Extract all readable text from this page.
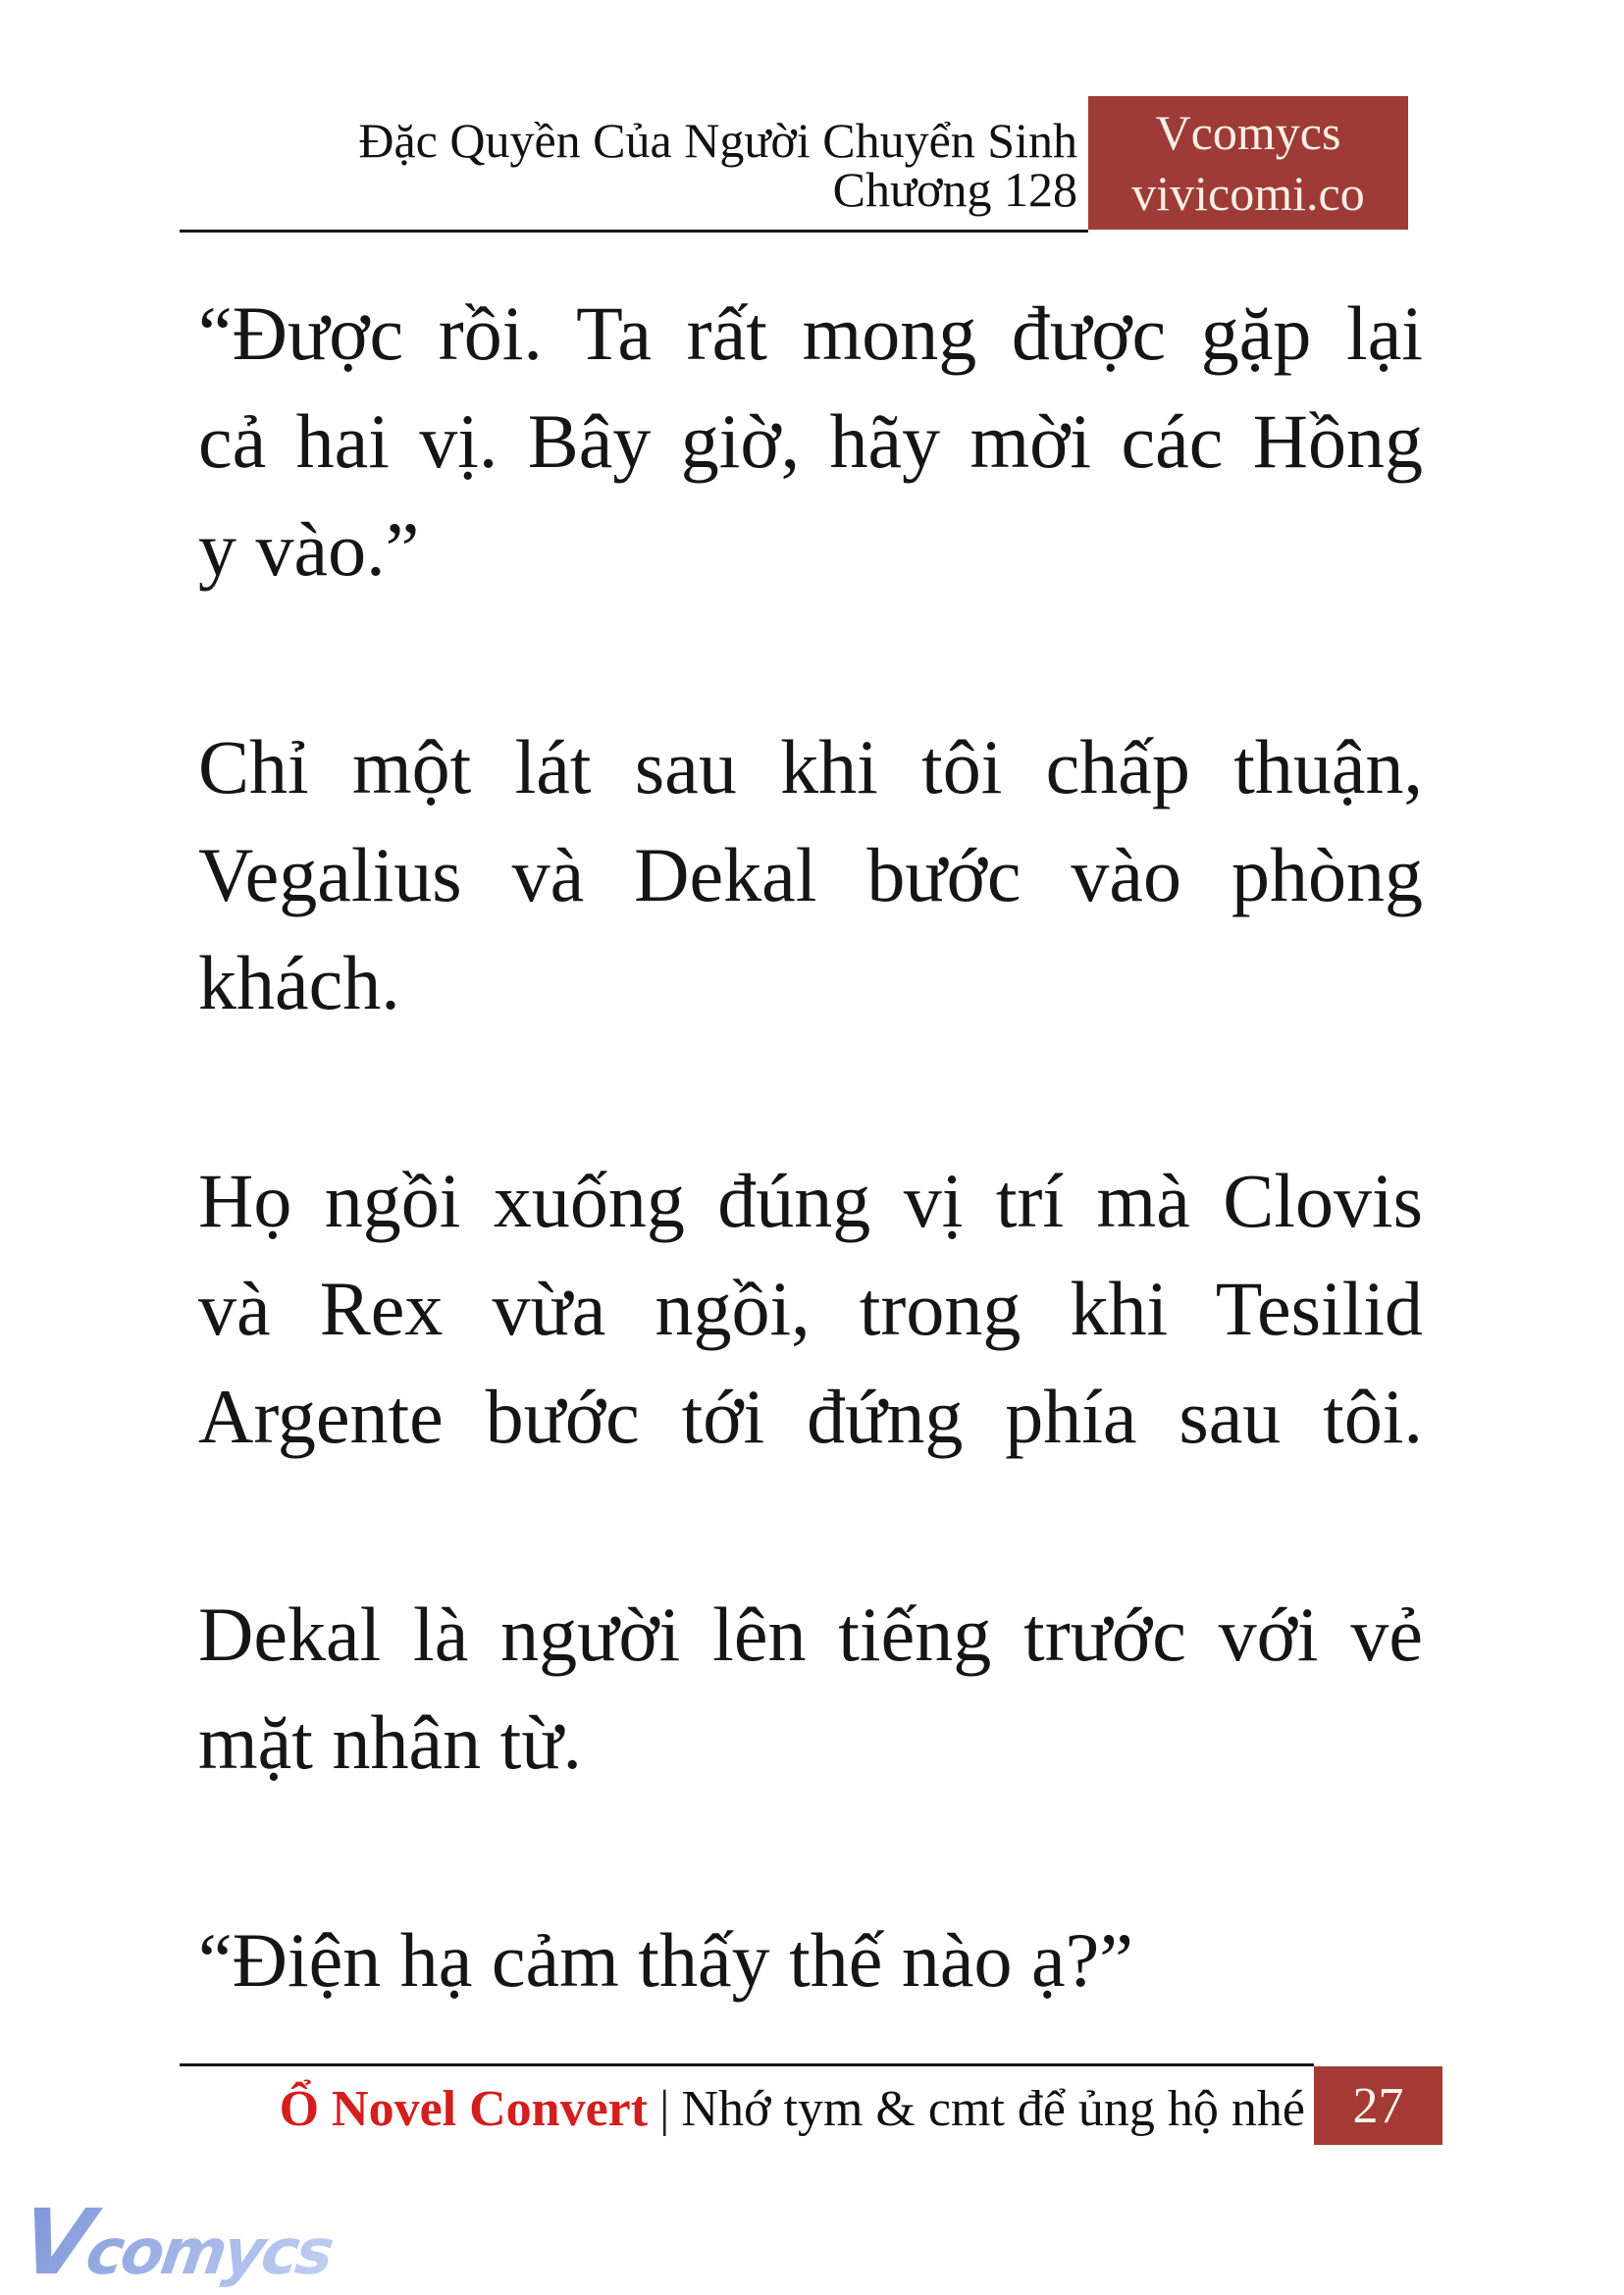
Đặc Quyền Của Người Chuyển Sinh
Chương 128
Vcomycs
vivicomi.co
“Được rồi. Ta rất mong được gặp lại
cả hai vị. Bây giờ, hãy mời các Hồng
y vào.”
Chỉ một lát sau khi tôi chấp thuận,
Vegalius và Dekal bước vào phòng
khách.
Họ ngồi xuống đúng vị trí mà Clovis
và Rex vừa ngồi, trong khi Tesilid
Argente bước tới đứng phía sau tôi.
Dekal là người lên tiếng trước với vẻ
mặt nhân từ.
“Điện hạ cảm thấy thế nào ạ?”
Ổ Novel Convert | Nhớ tym & cmt để ủng hộ nhé 27
Vcomycs
